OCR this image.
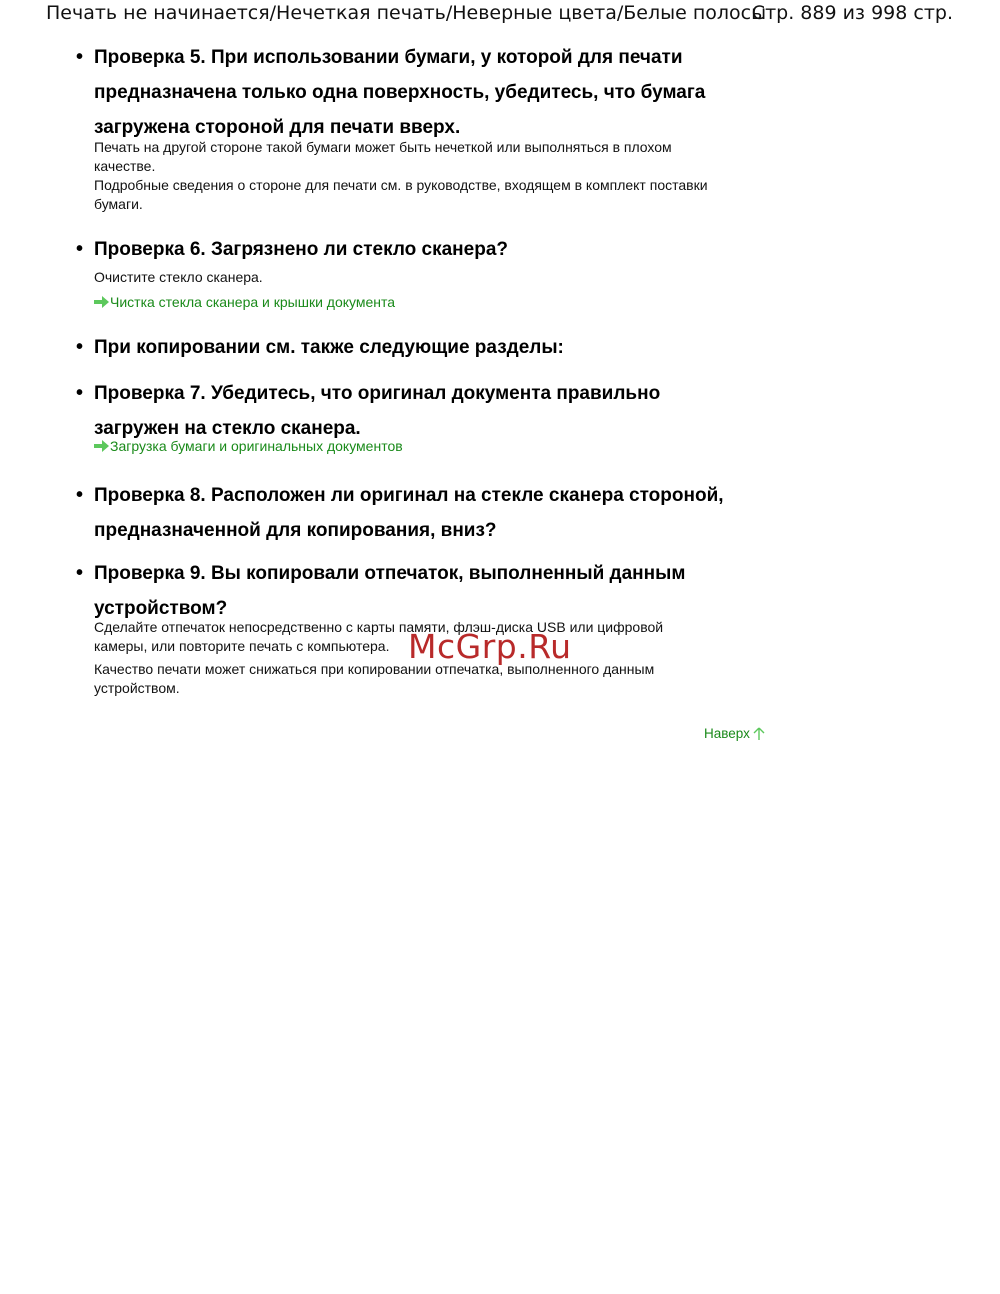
Печать не начинается/Нечеткая печать/Неверные цвета/Белые полосы
Стр. 889 из 998 стр.
• Проверка 5. При использовании бумаги, у которой для печати
предназначена только одна поверхность, убедитесь, что бумага
загружена стороной для печати вверх.

Печать на другой стороне такой бумаги может быть нечеткой или выполняться в плохом
качестве.

Подробные сведения о стороне для печати см. в руководстве, входящем в комплект поставки
бумаги.

• Проверка 6. Загрязнено ли стекло сканера?

Очистите стекло сканера.

Чистка стекла сканера и крышки документа
• При копировании см. также следующие разделы:

• Проверка 7. Убедитесь, что оригинал документа правильно
загружен на стекло сканера.

Загрузка бумаги и оригинальных документов
• Проверка 8. Расположен ли оригинал на стекле сканера стороной,
предназначенной для копирования, вниз?

• Проверка 9. Вы копировали отпечаток, выполненный данным
устройством?

Сделайте отпечаток непосредственно с карты памяти, флэш-диска USB или цифровой
камеры, или повторите печать с компьютера.

Качество печати может снижаться при копировании отпечатка, выполненного данным
устройством.

McGrp.Ru
Наверх
